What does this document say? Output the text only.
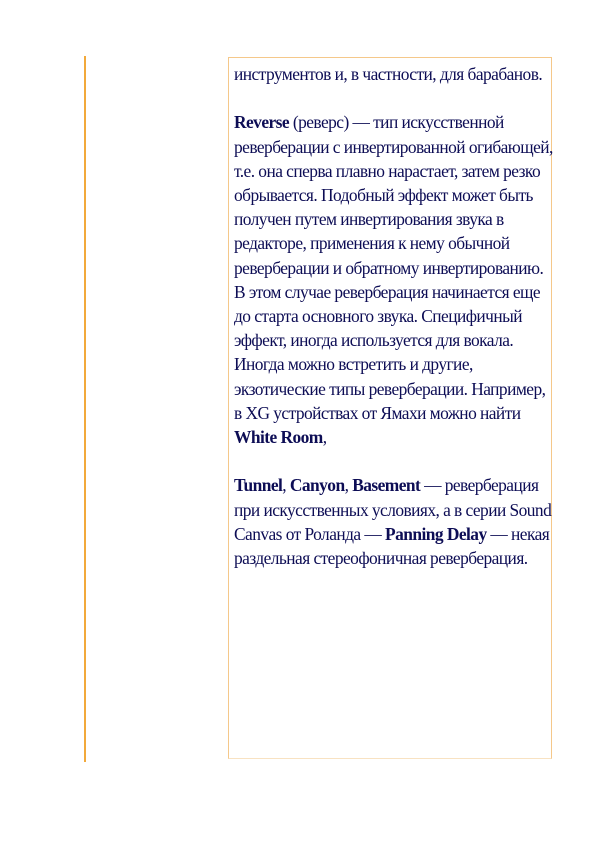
инструментов и, в частности, для барабанов.

Reverse (реверс) — тип искусственной реверберации с инвертированной огибающей, т.е. она сперва плавно нарастает, затем резко обрывается. Подобный эффект может быть получен путем инвертирования звука в редакторе, применения к нему обычной реверберации и обратному инвертированию. В этом случае реверберация начинается еще до старта основного звука. Специфичный эффект, иногда используется для вокала. Иногда можно встретить и другие, экзотические типы реверберации. Например, в XG устройствах от Ямахи можно найти White Room,

Tunnel, Canyon, Basement — реверберация при искусственных условиях, а в серии Sound Canvas от Роланда — Panning Delay — некая раздельная стереофоничная реверберация.
